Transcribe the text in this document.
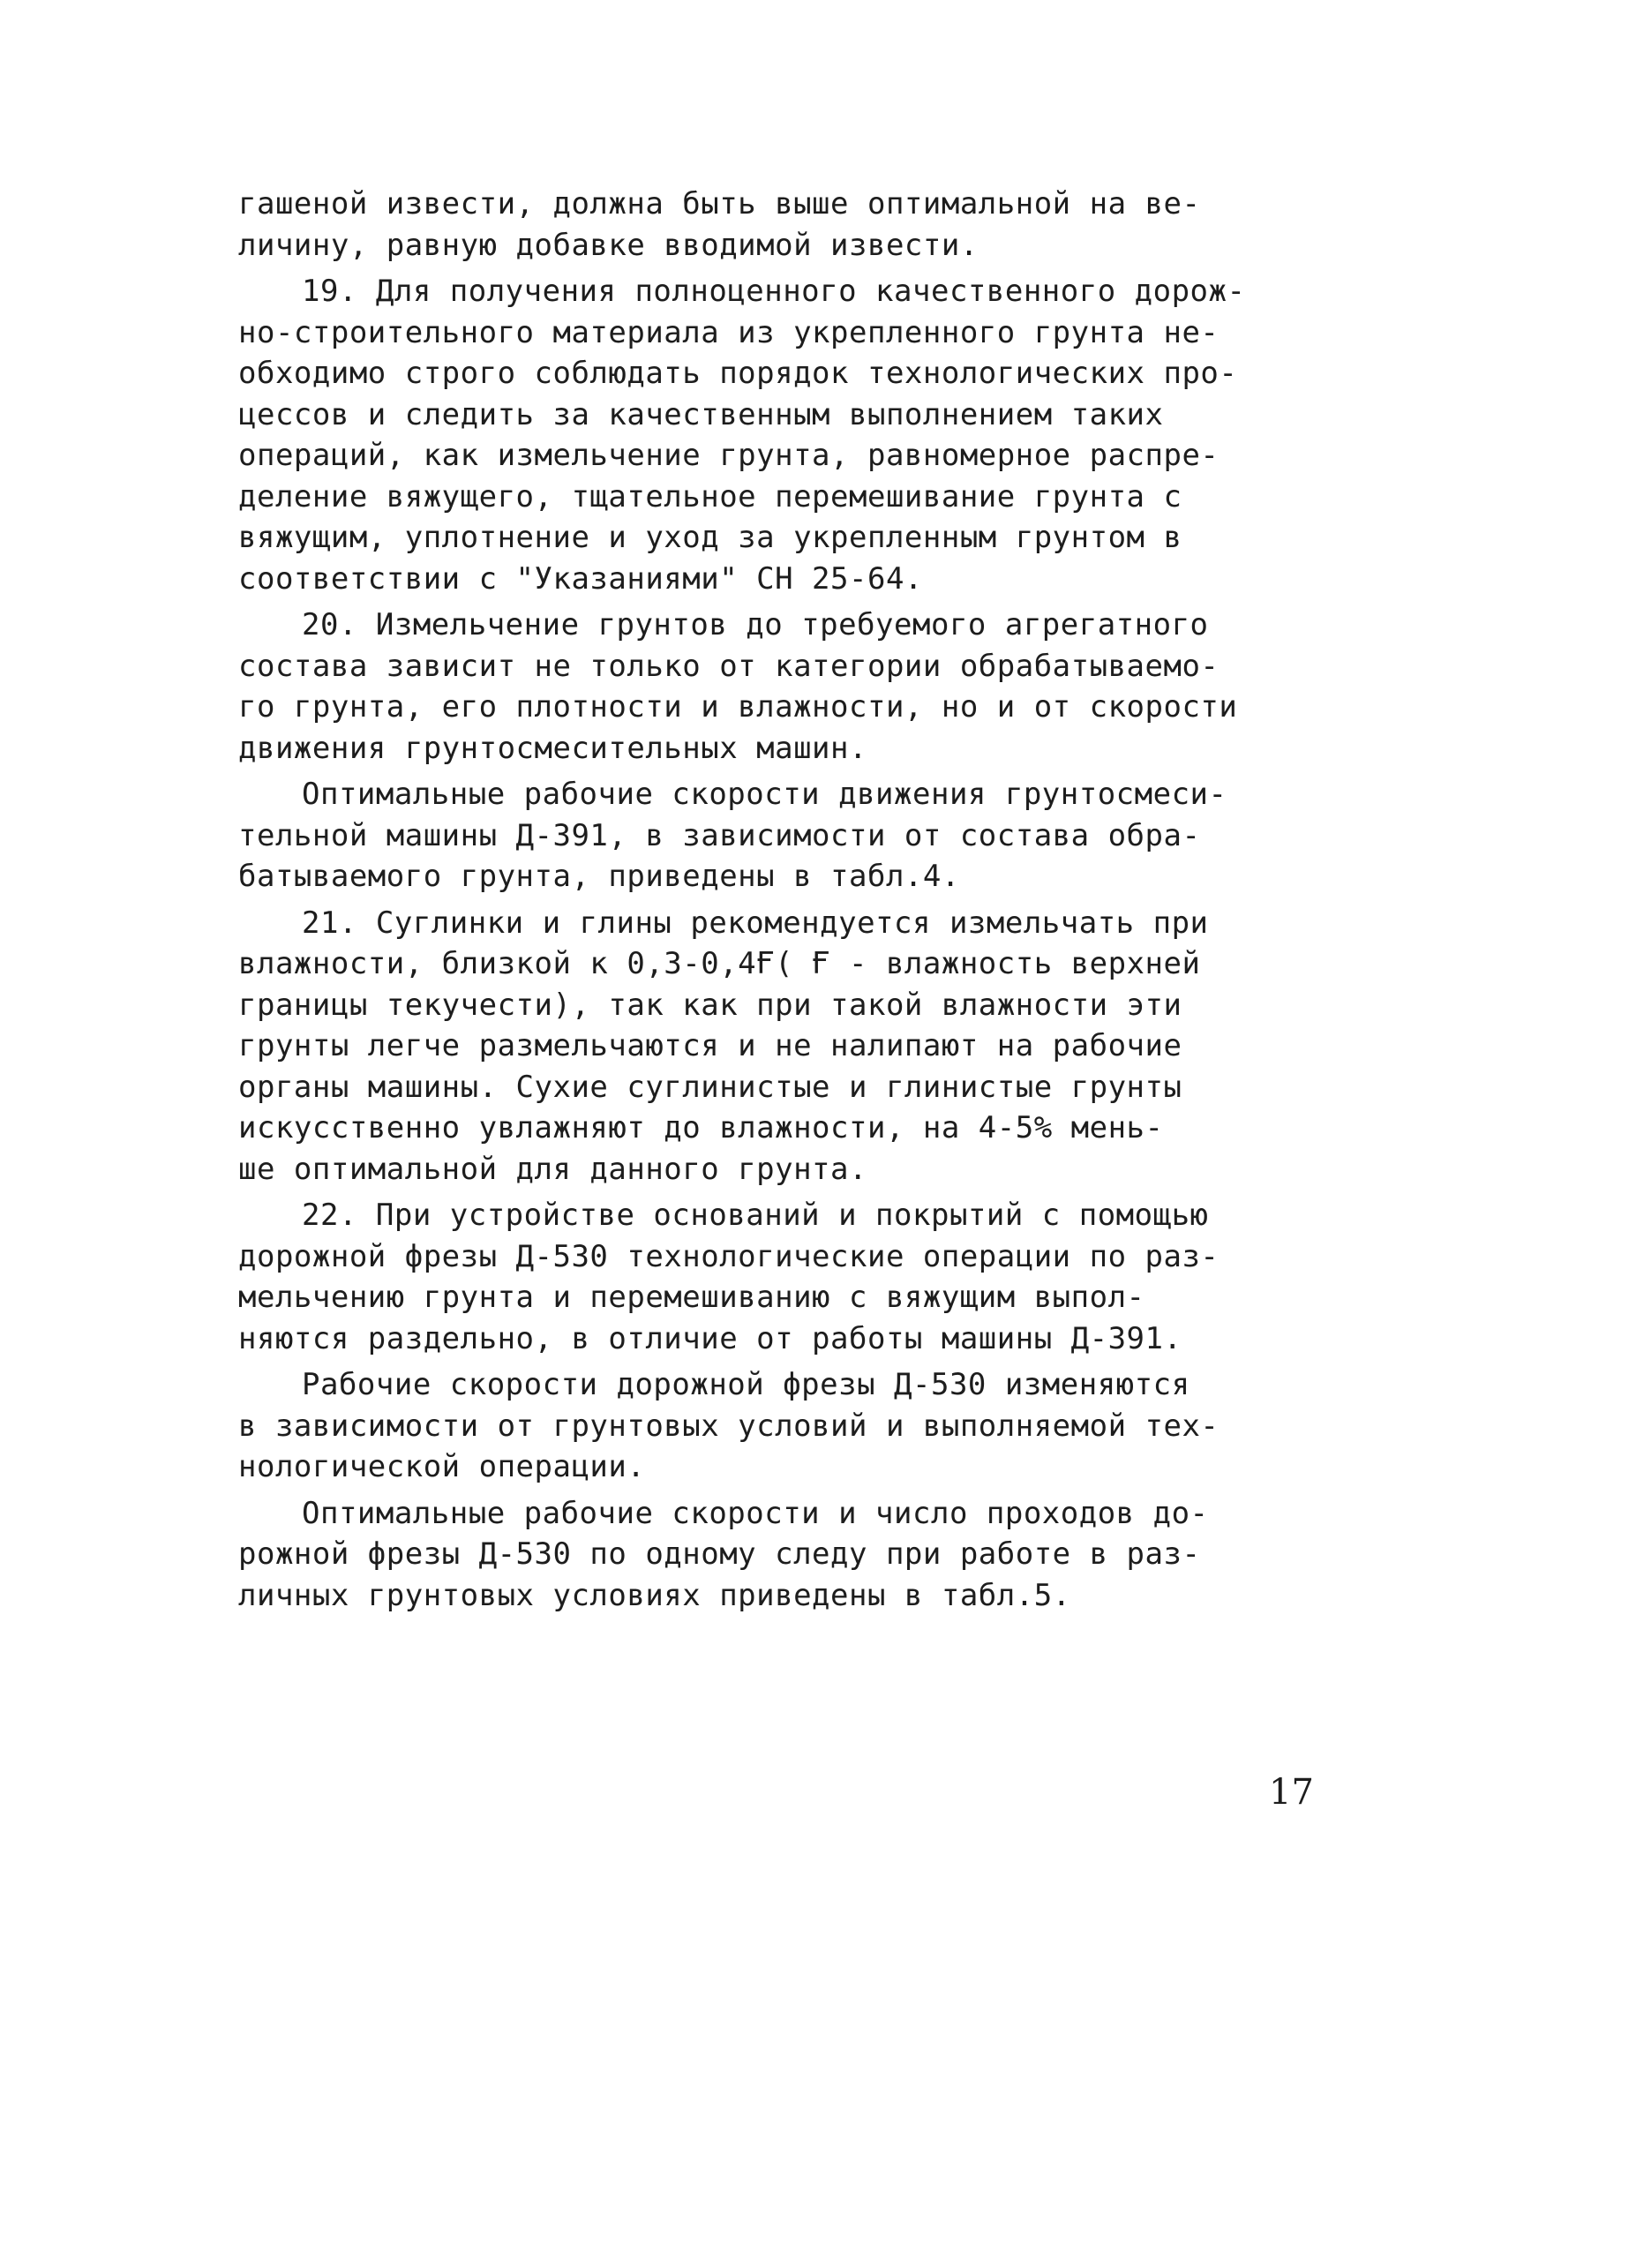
гашеной извести, должна быть выше оптимальной на ве-
личину, равную добавке вводимой извести.
19. Для получения полноценного качественного дорож-
но-строительного материала из укрепленного грунта не-
обходимо строго соблюдать порядок технологических про-
цессов и следить за качественным выполнением таких
операций, как измельчение грунта, равномерное распре-
деление вяжущего, тщательное перемешивание грунта с
вяжущим, уплотнение и уход за укрепленным грунтом в
соответствии с "Указаниями" СН 25-64.
20. Измельчение грунтов до требуемого агрегатного
состава зависит не только от категории обрабатываемо-
го грунта, его плотности и влажности, но и от скорости
движения грунтосмесительных машин.
Оптимальные рабочие скорости движения грунтосмеси-
тельной машины Д-391, в зависимости от состава обра-
батываемого грунта, приведены в табл.4.
21. Суглинки и глины рекомендуется измельчать при
влажности, близкой к 0,3-0,4Ғ( Ғ - влажность верхней
границы текучести), так как при такой влажности эти
грунты легче размельчаются и не налипают на рабочие
органы машины. Сухие суглинистые и глинистые грунты
искусственно увлажняют до влажности, на 4-5% мень-
ше оптимальной для данного грунта.
22. При устройстве оснований и покрытий с помощью
дорожной фрезы Д-530 технологические операции по раз-
мельчению грунта и перемешиванию с вяжущим выпол-
няются раздельно, в отличие от работы машины Д-391.
Рабочие скорости дорожной фрезы Д-530 изменяются
в зависимости от грунтовых условий и выполняемой тех-
нологической операции.
Оптимальные рабочие скорости и число проходов до-
рожной фрезы Д-530 по одному следу при работе в раз-
личных грунтовых условиях приведены в табл.5.
17
